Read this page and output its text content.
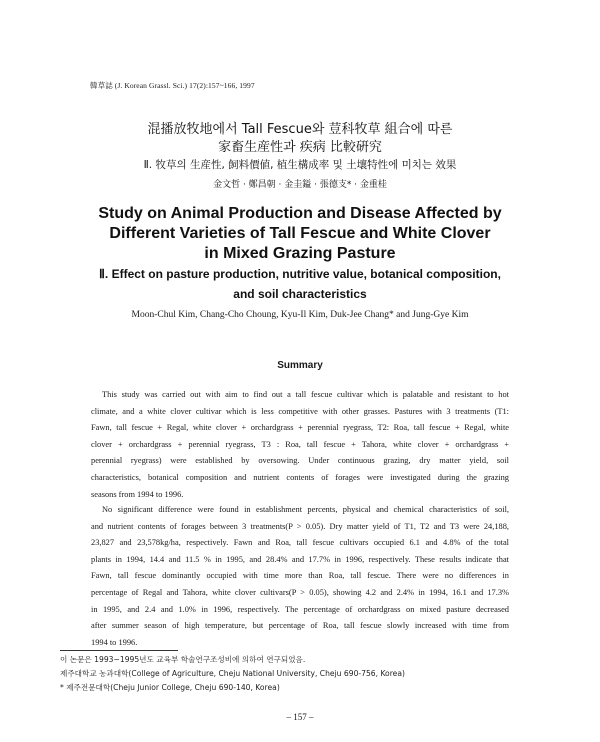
韓草誌 (J. Korean Grassl. Sci.) 17(2):157~166, 1997
混播放牧地에서 Tall Fescue와 荳科牧草 組合에 따른
家畜生産性과 疾病 比較硏究
Ⅱ. 牧草의 生産性, 飼料價値, 植生構成率 및 土壤特性에 미치는 效果
金文哲 · 鄭昌朝 · 金圭鎰 · 張德支* · 金重桂
Study on Animal Production and Disease Affected by
Different Varieties of Tall Fescue and White Clover
in Mixed Grazing Pasture
Ⅱ. Effect on pasture production, nutritive value, botanical composition,
and soil characteristics
Moon-Chul Kim, Chang-Cho Choung, Kyu-Il Kim, Duk-Jee Chang* and Jung-Gye Kim
Summary

This study was carried out with aim to find out a tall fescue cultivar which is palatable and resistant to hot

climate, and a white clover cultivar which is less competitive with other grasses. Pastures with 3 treatments (T1:

Fawn, tall fescue + Regal, white clover + orchardgrass + perennial ryegrass, T2: Roa, tall fescue + Regal, white

clover + orchardgrass + perennial ryegrass, T3 : Roa, tall fescue + Tahora, white clover + orchardgrass +

perennial ryegrass) were established by oversowing. Under continuous grazing, dry matter yield, soil

characteristics, botanical composition and nutrient contents of forages were investigated during the grazing

seasons from 1994 to 1996.

No significant difference were found in establishment percents, physical and chemical characteristics of soil,

and nutrient contents of forages between 3 treatments(P > 0.05). Dry matter yield of T1, T2 and T3 were 24,188,

23,827 and 23,578kg/ha, respectively. Fawn and Roa, tall fescue cultivars occupied 6.1 and 4.8% of the total

plants in 1994, 14.4 and 11.5 % in 1995, and 28.4% and 17.7% in 1996, respectively. These results indicate that

Fawn, tall fescue dominantly occupied with time more than Roa, tall fescue. There were no differences in

percentage of Regal and Tahora, white clover cultivars(P > 0.05), showing 4.2 and 2.4% in 1994, 16.1 and 17.3%

in 1995, and 2.4 and 1.0% in 1996, respectively. The percentage of orchardgrass on mixed pasture decreased

after summer season of high temperature, but percentage of Roa, tall fescue slowly increased with time from

1994 to 1996.

이 논문은 1993~1995년도 교육부 학술연구조성비에 의하여 연구되었음.
제주대학교 농과대학(College of Agriculture, Cheju National University, Cheju 690-756, Korea)
* 제주전문대학(Cheju Junior College, Cheju 690-140, Korea)
– 157 –
